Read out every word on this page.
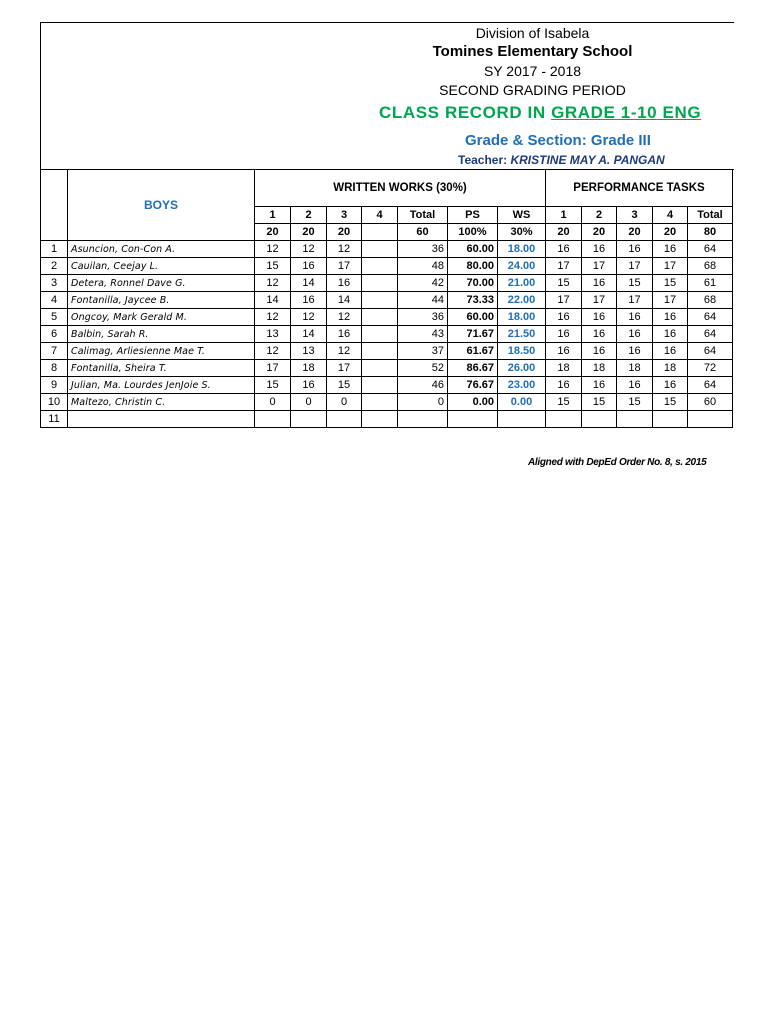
Division of Isabela
Tomines Elementary School
SY 2017 - 2018
SECOND GRADING PERIOD
CLASS RECORD IN GRADE 1-10 ENG
Grade & Section: Grade III
Teacher: KRISTINE MAY A. PANGAN
	BOYS	WRITTEN WORKS (30%)							PERFORMANCE TASKS				
		1	2	3	4	Total	PS	WS	1	2	3	4	Total
		20	20	20		60	100%	30%	20	20	20	20	80
1	Asuncion, Con-Con A.	12	12	12		36	60.00	18.00	16	16	16	16	64
2	Cauilan, Ceejay L.	15	16	17		48	80.00	24.00	17	17	17	17	68
3	Detera, Ronnel Dave G.	12	14	16		42	70.00	21.00	15	16	15	15	61
4	Fontanilla, Jaycee B.	14	16	14		44	73.33	22.00	17	17	17	17	68
5	Ongcoy, Mark Gerald M.	12	12	12		36	60.00	18.00	16	16	16	16	64
6	Balbin, Sarah R.	13	14	16		43	71.67	21.50	16	16	16	16	64
7	Calimag, Arliesienne Mae T.	12	13	12		37	61.67	18.50	16	16	16	16	64
8	Fontanilla, Sheira T.	17	18	17		52	86.67	26.00	18	18	18	18	72
9	Julian, Ma. Lourdes JenJoie S.	15	16	15		46	76.67	23.00	16	16	16	16	64
10	Maltezo, Christin C.	0	0	0		0	0.00	0.00	15	15	15	15	60
11													
Aligned with DepEd Order No. 8, s. 2015
